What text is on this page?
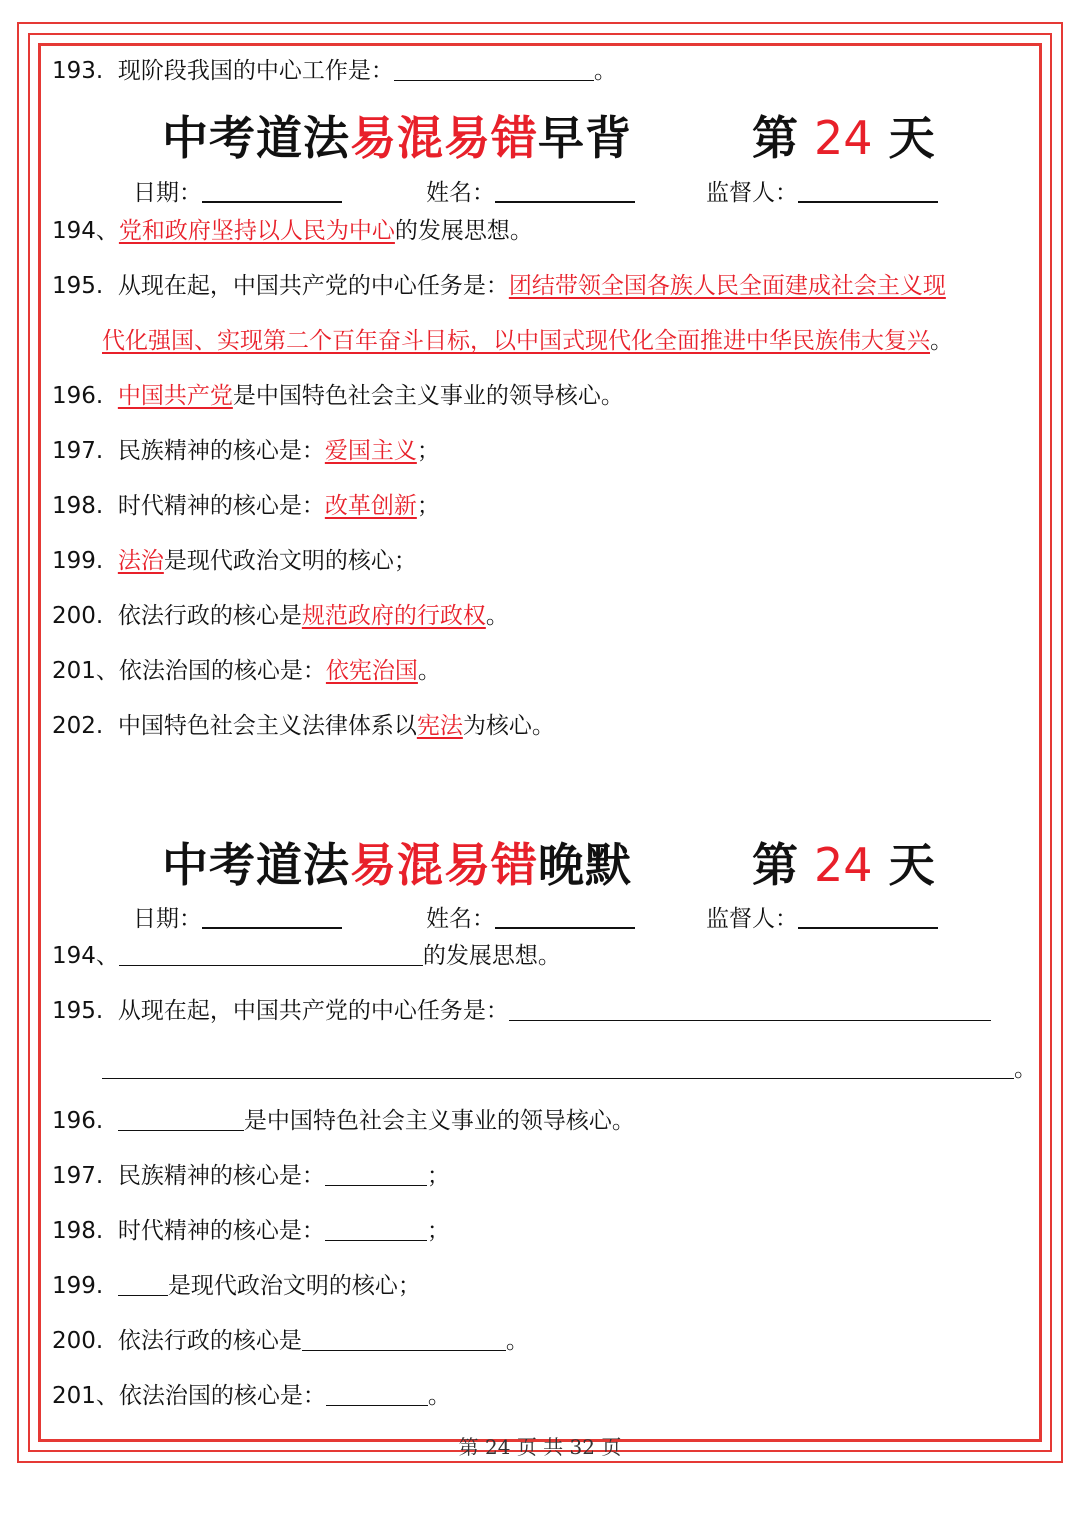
193. 现阶段我国的中心工作是：	。
中考道法易混易错早背	第 24 天
日期：	姓名：	监督人：
194、党和政府坚持以人民为中心的发展思想。
195. 从现在起，中国共产党的中心任务是：团结带领全国各族人民全面建成社会主义现
代化强国、实现第二个百年奋斗目标，以中国式现代化全面推进中华民族伟大复兴。
196. 中国共产党是中国特色社会主义事业的领导核心。
197. 民族精神的核心是：爱国主义；
198. 时代精神的核心是：改革创新；
199. 法治是现代政治文明的核心；
200. 依法行政的核心是规范政府的行政权。
201、依法治国的核心是：依宪治国。
202. 中国特色社会主义法律体系以宪法为核心。
中考道法易混易错晚默	第 24 天
日期：	姓名：	监督人：
194、	的发展思想。
195. 从现在起，中国共产党的中心任务是：
。
196.	是中国特色社会主义事业的领导核心。
197. 民族精神的核心是：	；
198. 时代精神的核心是：	；
199.	是现代政治文明的核心；
200. 依法行政的核心是	。
201、依法治国的核心是：	。
第 24 页 共 32 页
